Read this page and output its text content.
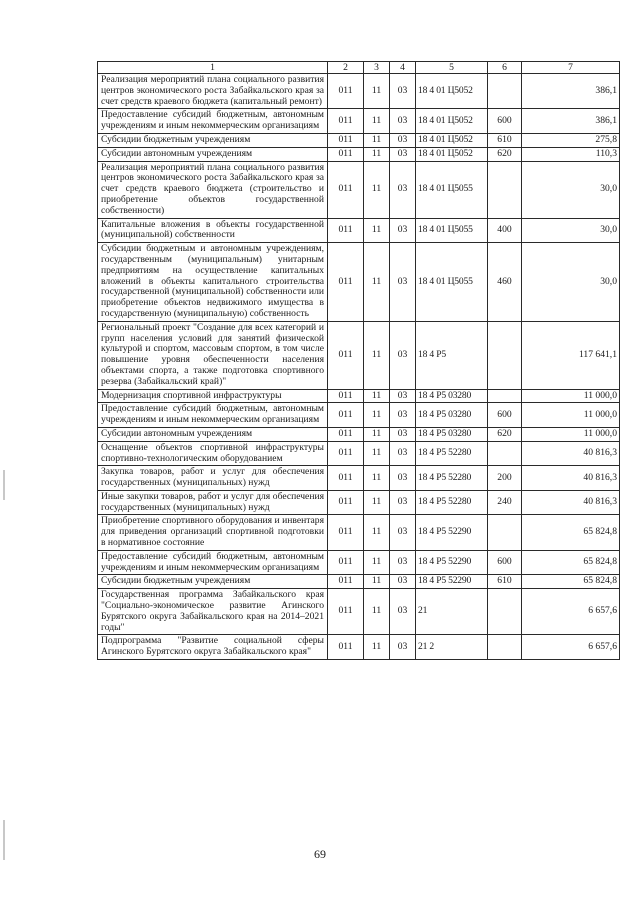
1	2	3	4	5	6	7
Реализация мероприятий плана социального развития центров экономического роста Забайкальского края за счет средств краевого бюджета (капитальный ремонт)	011	11	03	18 4 01 Ц5052		386,1
Предоставление субсидий бюджетным, автономным учреждениям и иным некоммерческим организациям	011	11	03	18 4 01 Ц5052	600	386,1
Субсидии бюджетным учреждениям	011	11	03	18 4 01 Ц5052	610	275,8
Субсидии автономным учреждениям	011	11	03	18 4 01 Ц5052	620	110,3
Реализация мероприятий плана социального развития центров экономического роста Забайкальского края за счет средств краевого бюджета (строительство и приобретение объектов государственной собственности)	011	11	03	18 4 01 Ц5055		30,0
Капитальные вложения в объекты государственной (муниципальной) собственности	011	11	03	18 4 01 Ц5055	400	30,0
Субсидии бюджетным и автономным учреждениям, государственным (муниципальным) унитарным предприятиям на осуществление капитальных вложений в объекты капитального строительства государственной (муниципальной) собственности или приобретение объектов недвижимого имущества в государственную (муниципальную) собственность	011	11	03	18 4 01 Ц5055	460	30,0
Региональный проект "Создание для всех категорий и групп населения условий для занятий физической культурой и спортом, массовым спортом, в том числе повышение уровня обеспеченности населения объектами спорта, а также подготовка спортивного резерва (Забайкальский край)"	011	11	03	18 4 P5		117 641,1
Модернизация спортивной инфраструктуры	011	11	03	18 4 P5 03280		11 000,0
Предоставление субсидий бюджетным, автономным учреждениям и иным некоммерческим организациям	011	11	03	18 4 P5 03280	600	11 000,0
Субсидии автономным учреждениям	011	11	03	18 4 P5 03280	620	11 000,0
Оснащение объектов спортивной инфраструктуры спортивно-технологическим оборудованием	011	11	03	18 4 P5 52280		40 816,3
Закупка товаров, работ и услуг для обеспечения государственных (муниципальных) нужд	011	11	03	18 4 P5 52280	200	40 816,3
Иные закупки товаров, работ и услуг для обеспечения государственных (муниципальных) нужд	011	11	03	18 4 P5 52280	240	40 816,3
Приобретение спортивного оборудования и инвентаря для приведения организаций спортивной подготовки в нормативное состояние	011	11	03	18 4 P5 52290		65 824,8
Предоставление субсидий бюджетным, автономным учреждениям и иным некоммерческим организациям	011	11	03	18 4 P5 52290	600	65 824,8
Субсидии бюджетным учреждениям	011	11	03	18 4 P5 52290	610	65 824,8
Государственная программа Забайкальского края "Социально-экономическое развитие Агинского Бурятского округа Забайкальского края на 2014–2021 годы"	011	11	03	21		6 657,6
Подпрограмма "Развитие социальной сферы Агинского Бурятского округа Забайкальского края"	011	11	03	21 2		6 657,6
69
